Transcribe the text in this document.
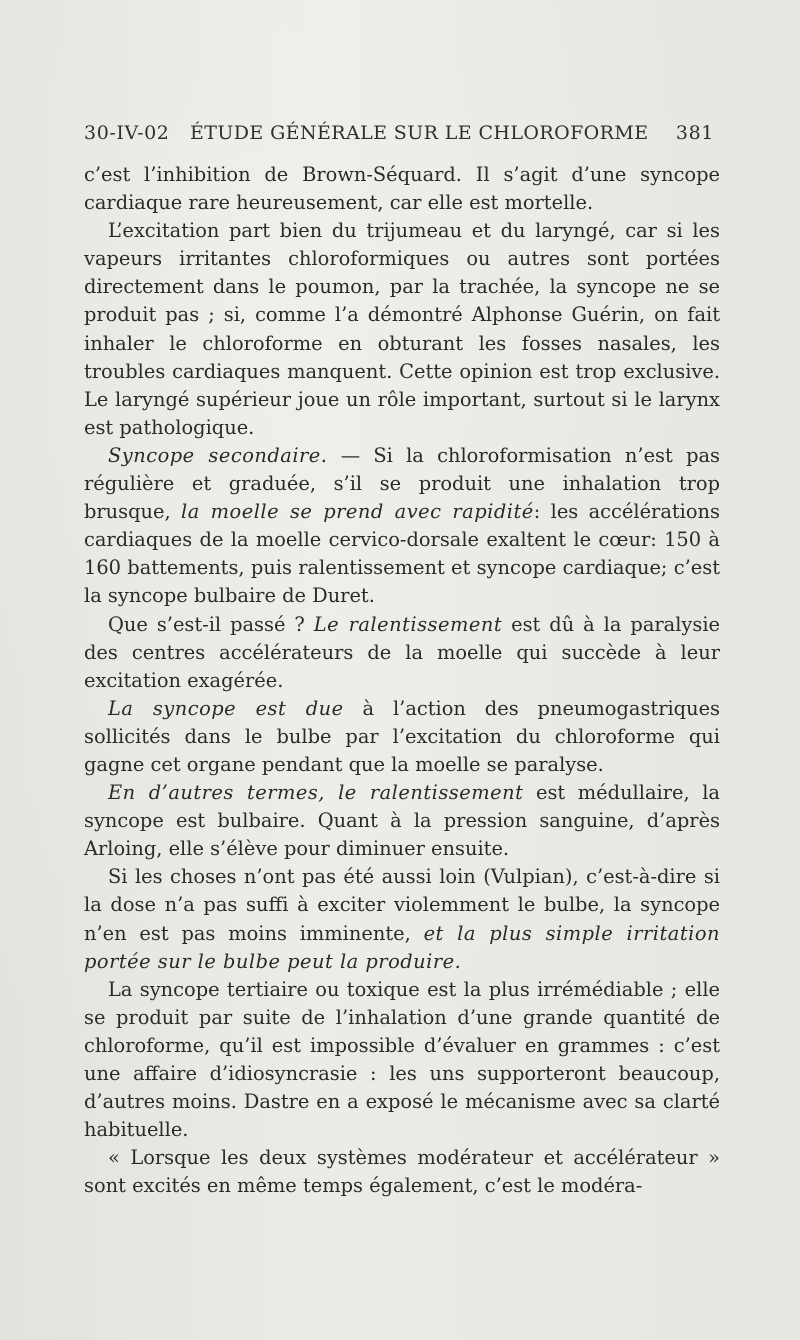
30-IV-02 ÉTUDE GÉNÉRALE SUR LE CHLOROFORME 381

c’est l’inhibition de Brown-Séquard. Il s’agit d’une syncope cardiaque rare heureusement, car elle est mortelle.

L’excitation part bien du trijumeau et du laryngé, car si les vapeurs irritantes chloroformiques ou autres sont portées directement dans le poumon, par la trachée, la syncope ne se produit pas ; si, comme l’a démontré Alphonse Guérin, on fait inhaler le chloroforme en obturant les fosses nasales, les troubles cardiaques manquent. Cette opinion est trop exclusive. Le laryngé supérieur joue un rôle important, surtout si le larynx est pathologique.

Syncope secondaire. — Si la chloroformisation n’est pas régulière et graduée, s’il se produit une inhalation trop brusque, la moelle se prend avec rapidité: les accélérations cardiaques de la moelle cervico-dorsale exaltent le cœur: 150 à 160 battements, puis ralentissement et syncope cardiaque; c’est la syncope bulbaire de Duret.

Que s’est-il passé ? Le ralentissement est dû à la paralysie des centres accélérateurs de la moelle qui succède à leur excitation exagérée.

La syncope est due à l’action des pneumogastriques sollicités dans le bulbe par l’excitation du chloroforme qui gagne cet organe pendant que la moelle se paralyse.

En d’autres termes, le ralentissement est médullaire, la syncope est bulbaire. Quant à la pression sanguine, d’après Arloing, elle s’élève pour diminuer ensuite.

Si les choses n’ont pas été aussi loin (Vulpian), c’est-à-dire si la dose n’a pas suffi à exciter violemment le bulbe, la syncope n’en est pas moins imminente, et la plus simple irritation portée sur le bulbe peut la produire.

La syncope tertiaire ou toxique est la plus irrémédiable ; elle se produit par suite de l’inhalation d’une grande quantité de chloroforme, qu’il est impossible d’évaluer en grammes : c’est une affaire d’idiosyncrasie : les uns supporteront beaucoup, d’autres moins. Dastre en a exposé le mécanisme avec sa clarté habituelle.

« Lorsque les deux systèmes modérateur et accélérateur » sont excités en même temps également, c’est le modéra-
